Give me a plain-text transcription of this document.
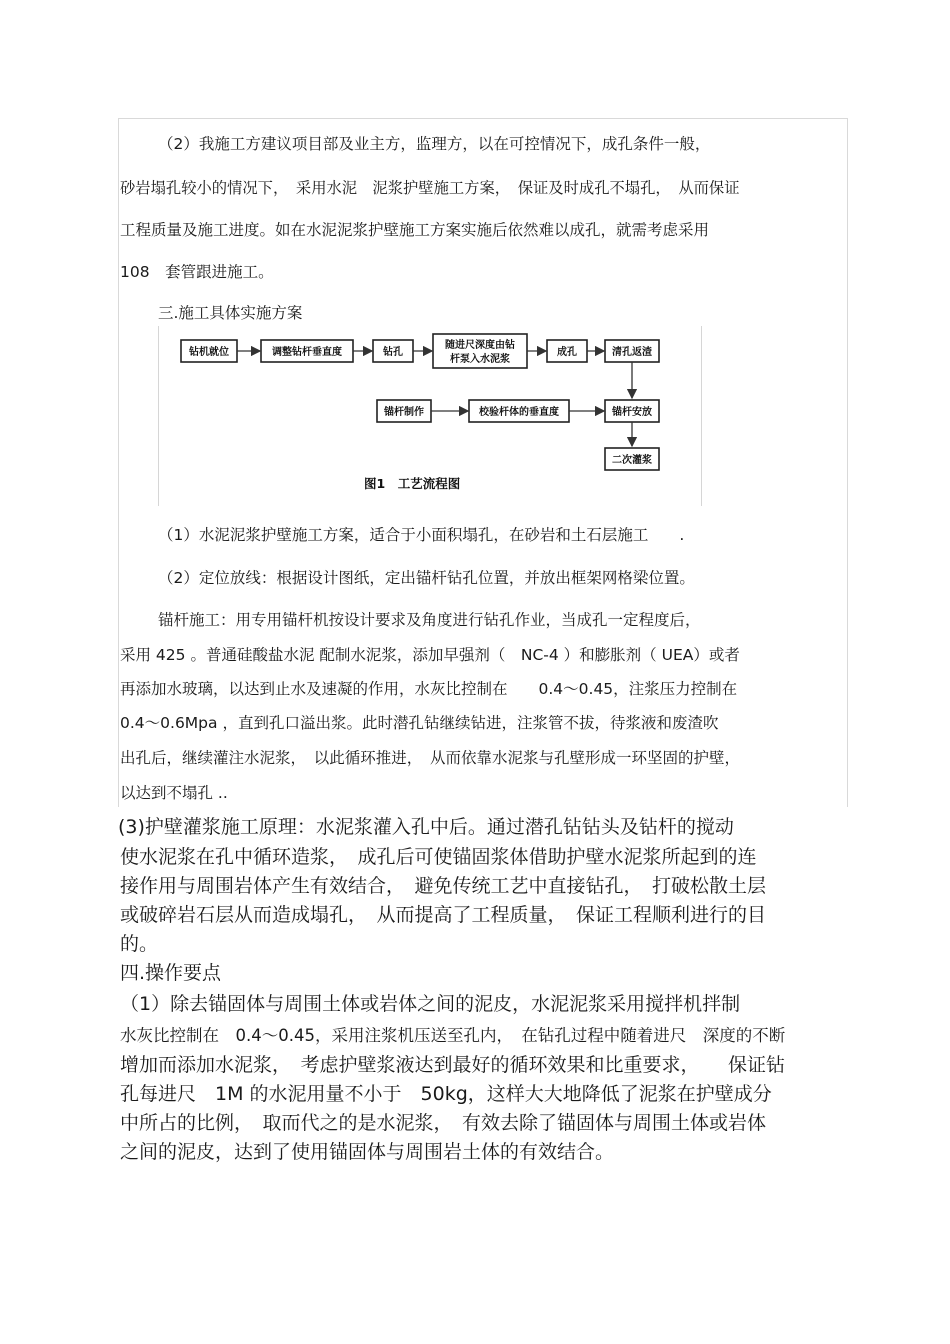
（2）我施工方建议项目部及业主方，监理方，以在可控情况下，成孔条件一般，
砂岩塌孔较小的情况下，　采用水泥　泥浆护壁施工方案，　保证及时成孔不塌孔，　从而保证
工程质量及施工进度。如在水泥泥浆护壁施工方案实施后依然难以成孔，就需考虑采用
108　套管跟进施工。
三.施工具体实施方案
钻机就位	调整钻杆垂直度	钻孔
随进尺深度由钻
杆泵入水泥浆
成孔	清孔返渣
锚杆制作	校验杆体的垂直度	锚杆安放
二次灌浆
图1　工艺流程图
（1）水泥泥浆护壁施工方案，适合于小面积塌孔，在砂岩和土石层施工　　.
（2）定位放线：根据设计图纸，定出锚杆钻孔位置，并放出框架网格梁位置。
锚杆施工：用专用锚杆机按设计要求及角度进行钻孔作业，当成孔一定程度后，
采用 425 。普通硅酸盐水泥 配制水泥浆，添加早强剂（　NC-4 ）和膨胀剂（ UEA）或者
再添加水玻璃，以达到止水及速凝的作用，水灰比控制在　　0.4～0.45，注浆压力控制在
0.4～0.6Mpa ，直到孔口溢出浆。此时潜孔钻继续钻进，注浆管不拔，待浆液和废渣吹
出孔后，继续灌注水泥浆，　以此循环推进，　从而依靠水泥浆与孔壁形成一环坚固的护壁，
以达到不塌孔 ..
(3)护壁灌浆施工原理：水泥浆灌入孔中后。通过潜孔钻钻头及钻杆的搅动
使水泥浆在孔中循环造浆，　成孔后可使锚固浆体借助护壁水泥浆所起到的连
接作用与周围岩体产生有效结合，　避免传统工艺中直接钻孔，　打破松散土层
或破碎岩石层从而造成塌孔，　从而提高了工程质量，　保证工程顺利进行的目
的。
四.操作要点
（1）除去锚固体与周围土体或岩体之间的泥皮，水泥泥浆采用搅拌机拌制
水灰比控制在　0.4～0.45，采用注浆机压送至孔内，　在钻孔过程中随着进尺　深度的不断
增加而添加水泥浆，　考虑护壁浆液达到最好的循环效果和比重要求，　　保证钻
孔每进尺　1M 的水泥用量不小于　50kg，这样大大地降低了泥浆在护壁成分
中所占的比例，　取而代之的是水泥浆，　有效去除了锚固体与周围土体或岩体
之间的泥皮，达到了使用锚固体与周围岩土体的有效结合。
